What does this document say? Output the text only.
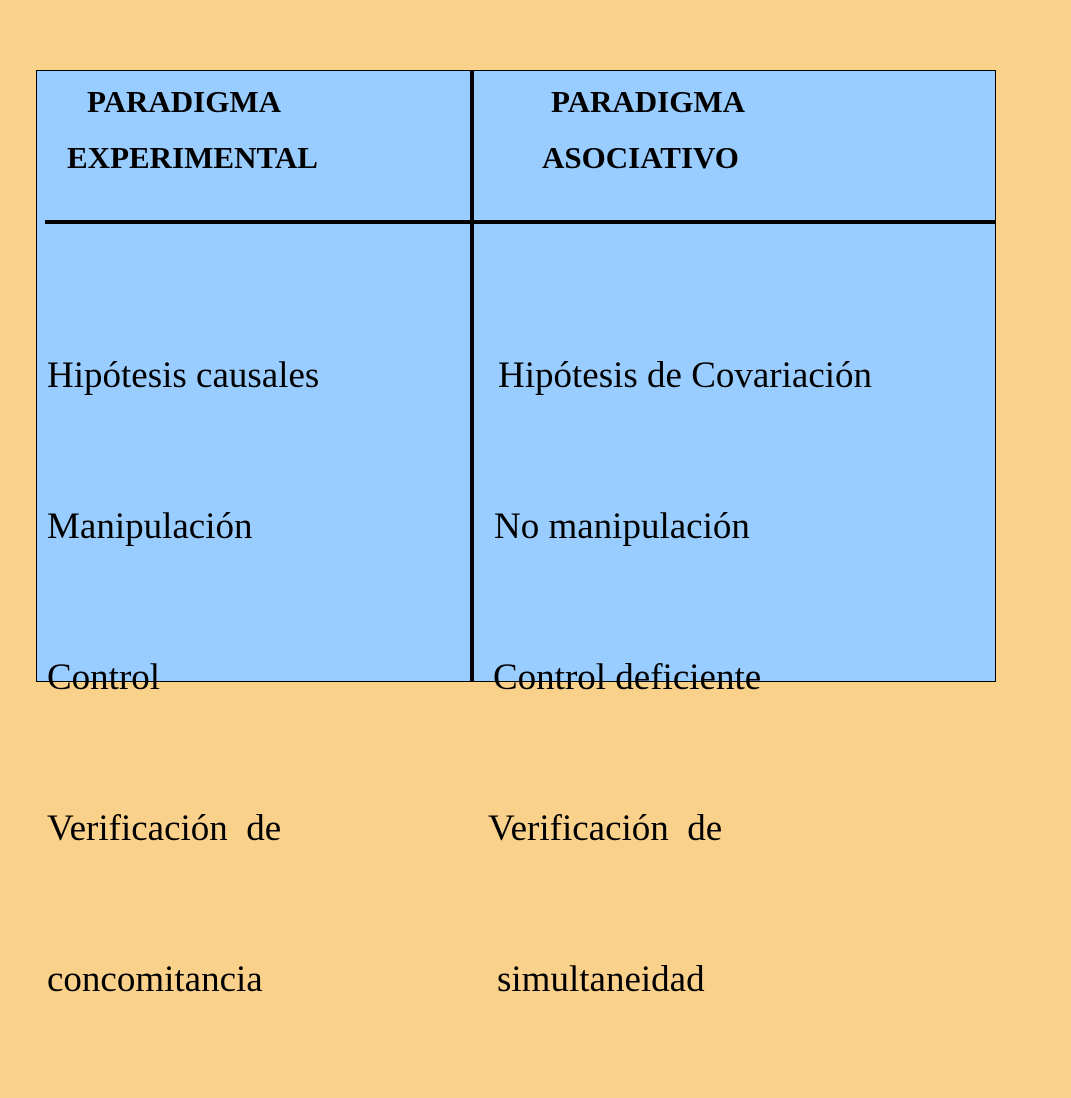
PARADIGMA
EXPERIMENTAL
PARADIGMA
ASOCIATIVO

Hipótesis causales

Manipulación

Control

Verificación  de

concomitancia

Hipótesis de Covariación

No manipulación

Control deficiente

Verificación  de

simultaneidad
